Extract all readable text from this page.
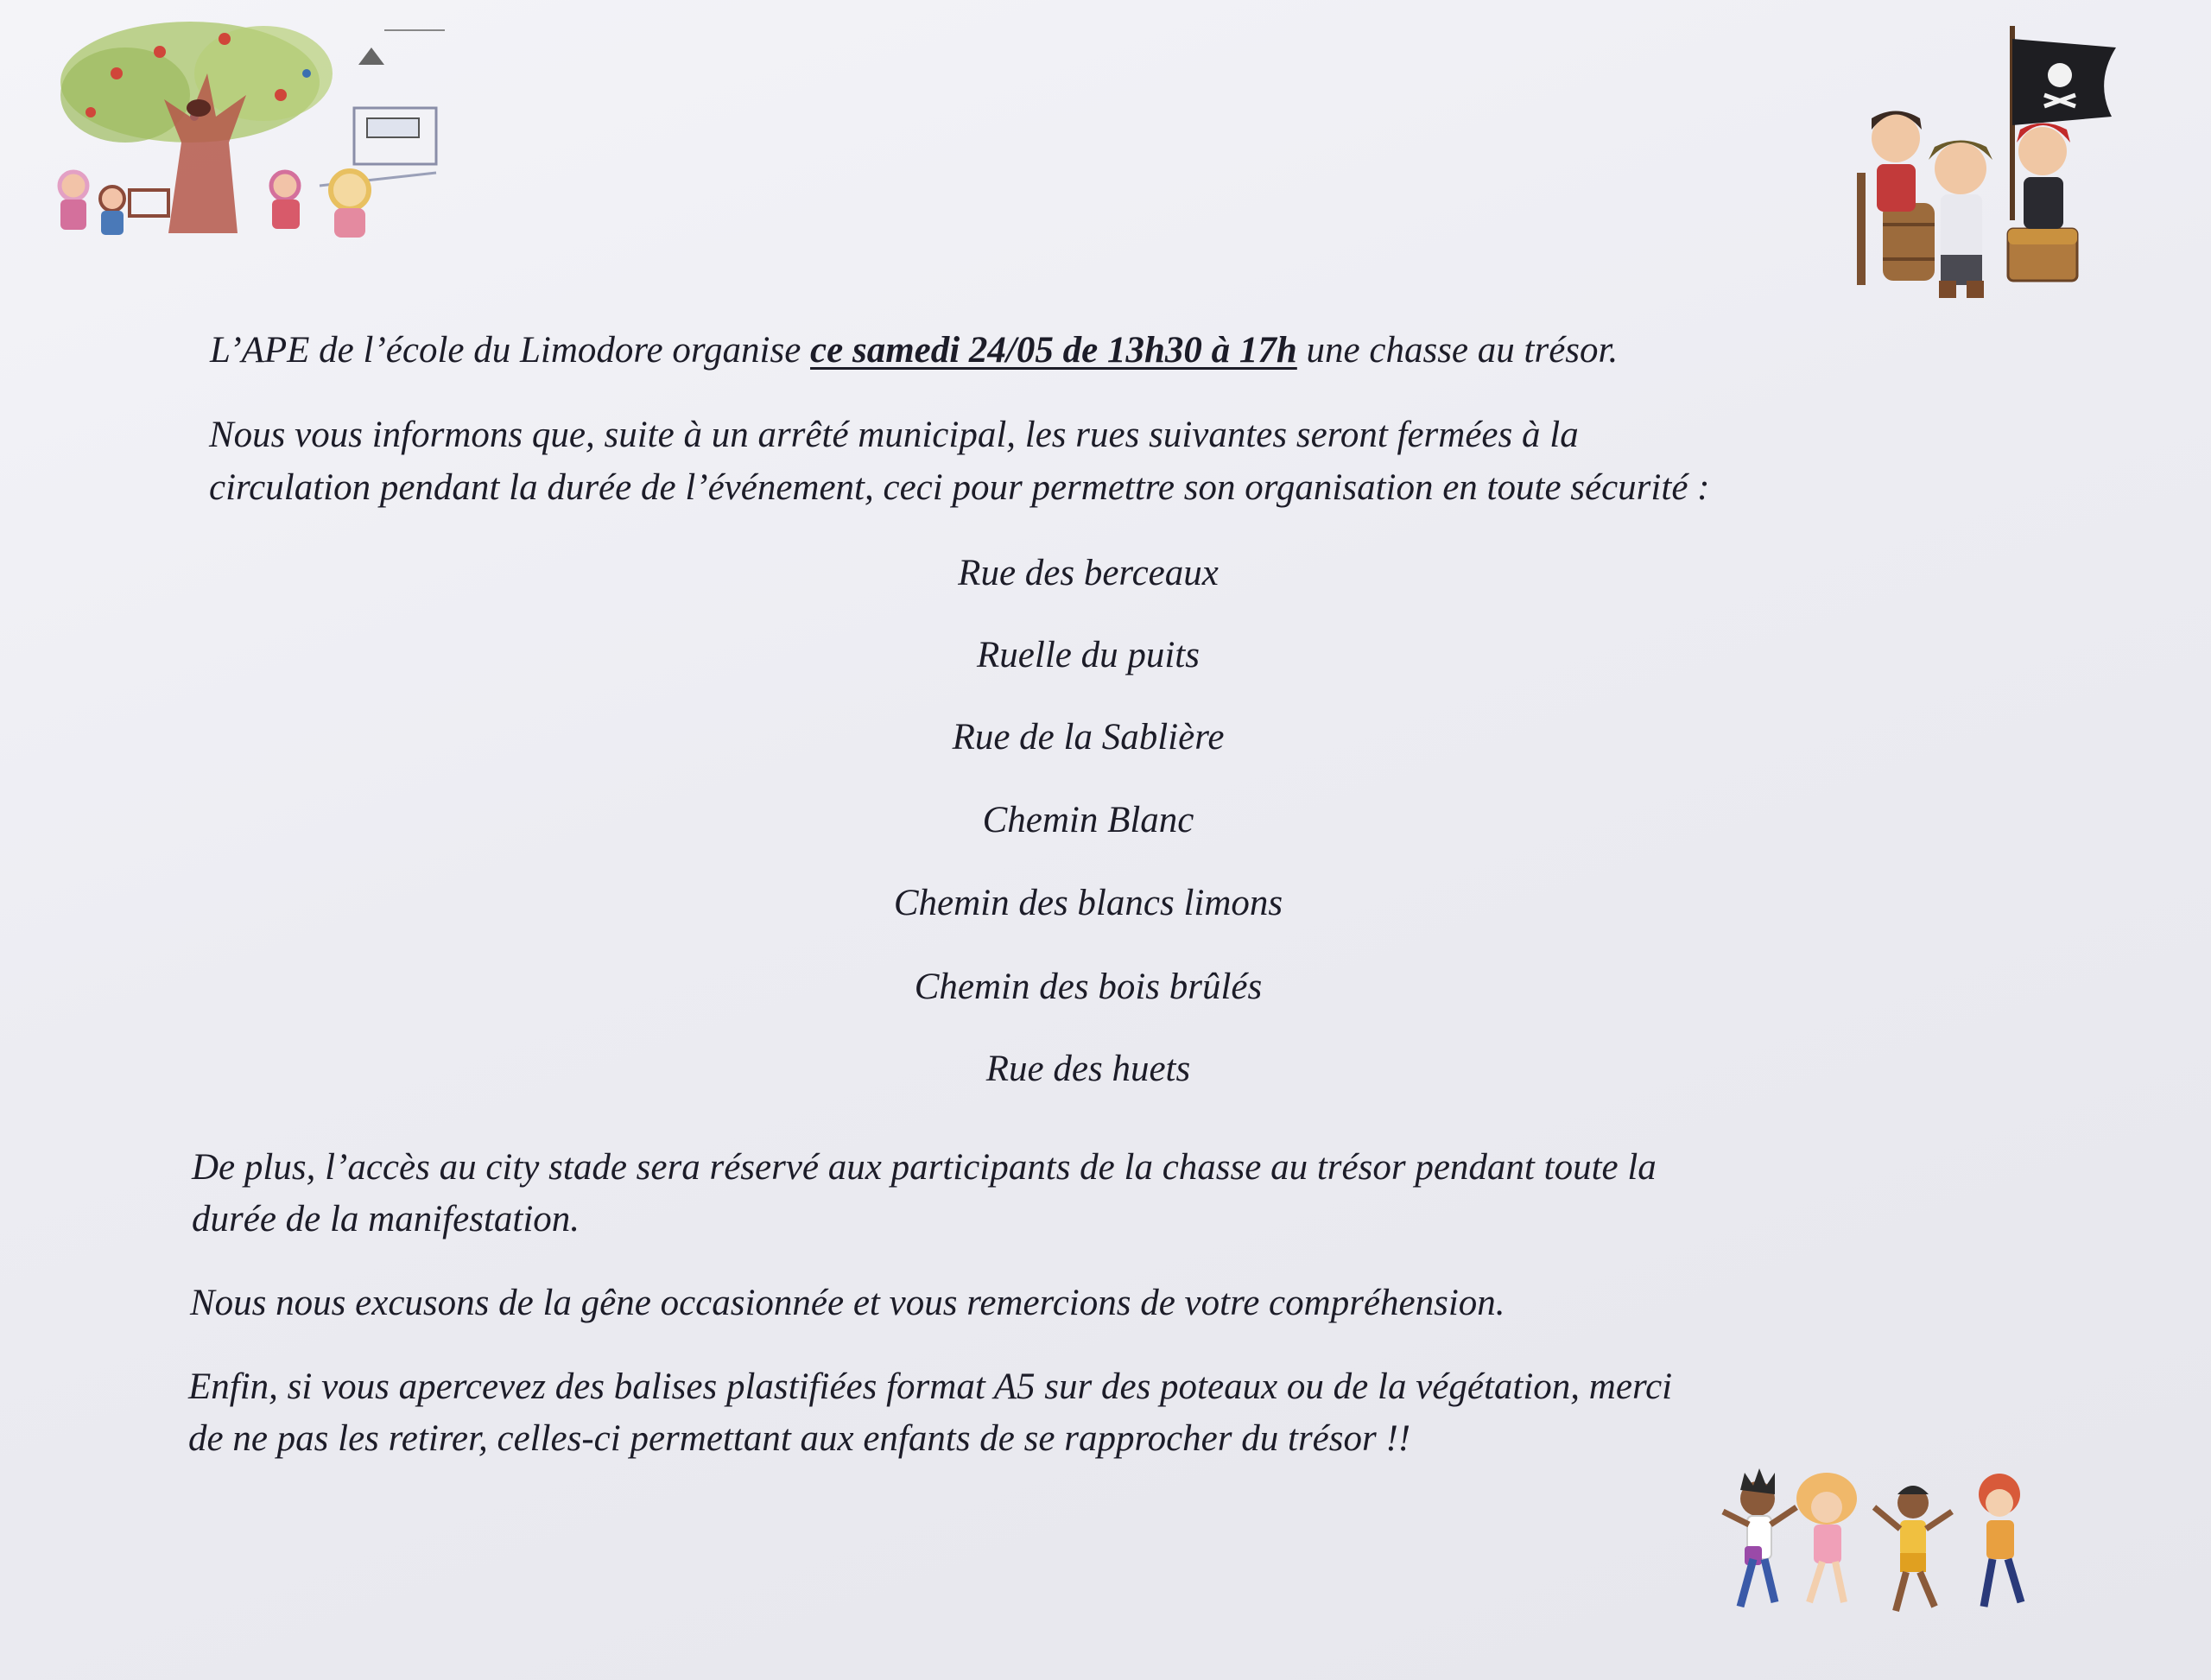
L’APE de l’école du Limodore organise ce samedi 24/05 de 13h30 à 17h une chasse au trésor.
Nous vous informons que, suite à un arrêté municipal, les rues suivantes seront fermées à la
circulation pendant la durée de l’événement, ceci pour permettre son organisation en toute sécurité :
Rue des berceaux
Ruelle du puits
Rue de la Sablière
Chemin Blanc
Chemin des blancs limons
Chemin des bois brûlés
Rue des huets
De plus, l’accès au city stade sera réservé aux participants de la chasse au trésor pendant toute la
durée de la manifestation.
Nous nous excusons de la gêne occasionnée et vous remercions de votre compréhension.
Enfin, si vous apercevez des balises plastifiées format A5 sur des poteaux ou de la végétation, merci
de ne pas les retirer, celles-ci permettant aux enfants de se rapprocher du trésor !!
